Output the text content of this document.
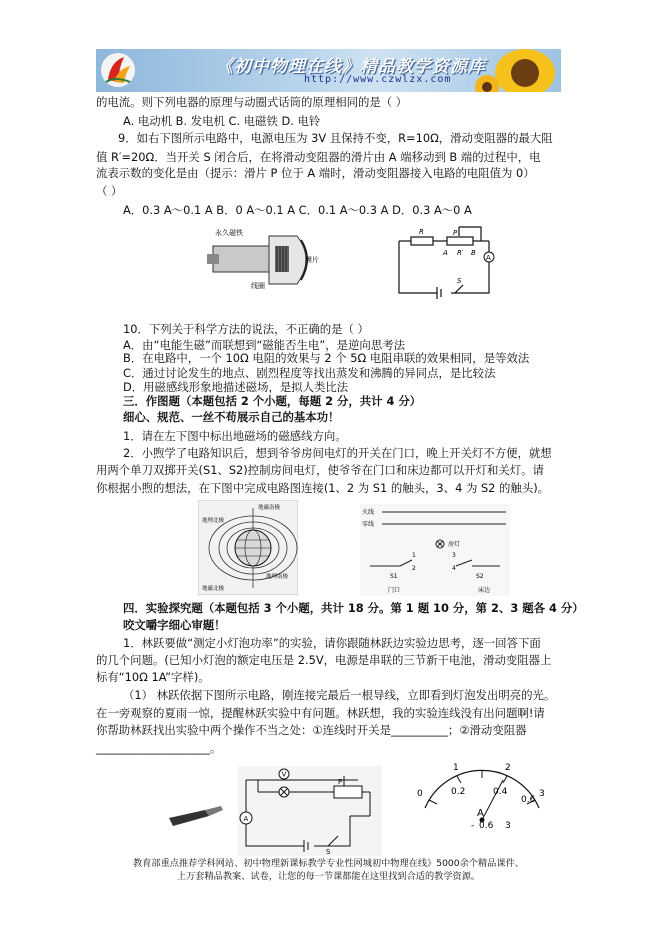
《初中物理在线》精品教学资源库
http://www.czwlzx.com
的电流。则下列电器的原理与动圈式话筒的原理相同的是（ ）
A. 电动机 B. 发电机 C. 电磁铁 D. 电铃
9．如右下图所示电路中，电源电压为 3V 且保持不变，R=10Ω，滑动变阻器的最大阻
值 R′=20Ω．当开关 S 闭合后，在将滑动变阻器的滑片由 A 端移动到 B 端的过程中，电
流表示数的变化是由（提示：滑片 P 位于 A 端时，滑动变阻器接入电路的电阻值为 0）
（ ）
A．0.3 A～0.1 A B．0 A～0.1 A C．0.1 A～0.3 A D．0.3 A～0 A
永久磁铁
膜片
线圈
R	P
A	B
R′
S
A
10．下列关于科学方法的说法，不正确的是（ ）
A．由“电能生磁”而联想到“磁能否生电”，是逆向思考法
B．在电路中，一个 10Ω 电阻的效果与 2 个 5Ω 电阻串联的效果相同，是等效法
C．通过讨论发生的地点、剧烈程度等找出蒸发和沸腾的异同点，是比较法
D．用磁感线形象地描述磁场，是拟人类比法
三．作图题（本题包括 2 个小题，每题 2 分，共计 4 分）
细心、规范、一丝不苟展示自己的基本功！
1．请在左下图中标出地磁场的磁感线方向。
2．小煦学了电路知识后，想到爷爷房间电灯的开关在门口，晚上开关灯不方便，就想
用两个单刀双掷开关(S1、S2)控制房间电灯，使爷爷在门口和床边都可以开灯和关灯。请
你根据小煦的想法，在下图中完成电路图连接(1、2 为 S1 的触头，3、4 为 S2 的触头)。
地理北极
地磁南极
地磁北极
地理南极
火线
零线
房灯
1
2
3
4
S1	S2
门口	床边
四．实验探究题（本题包括 3 个小题，共计 18 分。第 1 题 10 分，第 2、3 题各 4 分）
咬文嚼字细心审题！
1．林跃要做“测定小灯泡功率”的实验，请你跟随林跃边实验边思考，逐一回答下面
的几个问题。(已知小灯泡的额定电压是 2.5V，电源是串联的三节新干电池，滑动变阻器上
标有“10Ω 1A”字样)。
（1） 林跃依据下图所示电路，刚连接完最后一根导线，立即看到灯泡发出明亮的光。
在一旁观察的夏雨一惊，提醒林跃实验中有问题。林跃想，我的实验连线没有出问题啊!请
你帮助林跃找出实验中两个操作不当之处：①连线时开关是__________；②滑动变阻器
____________________。
V
A
P
S
1	2
0	3
0.2	0.4
0.6
A
- 0.6 3
教育部重点推荐学科网站、初中物理新课标教学专业性网城初中物理在线》5000余个精品课件、
上万套精品教案、试卷，让您的每一节课都能在这里找到合适的教学资源。
